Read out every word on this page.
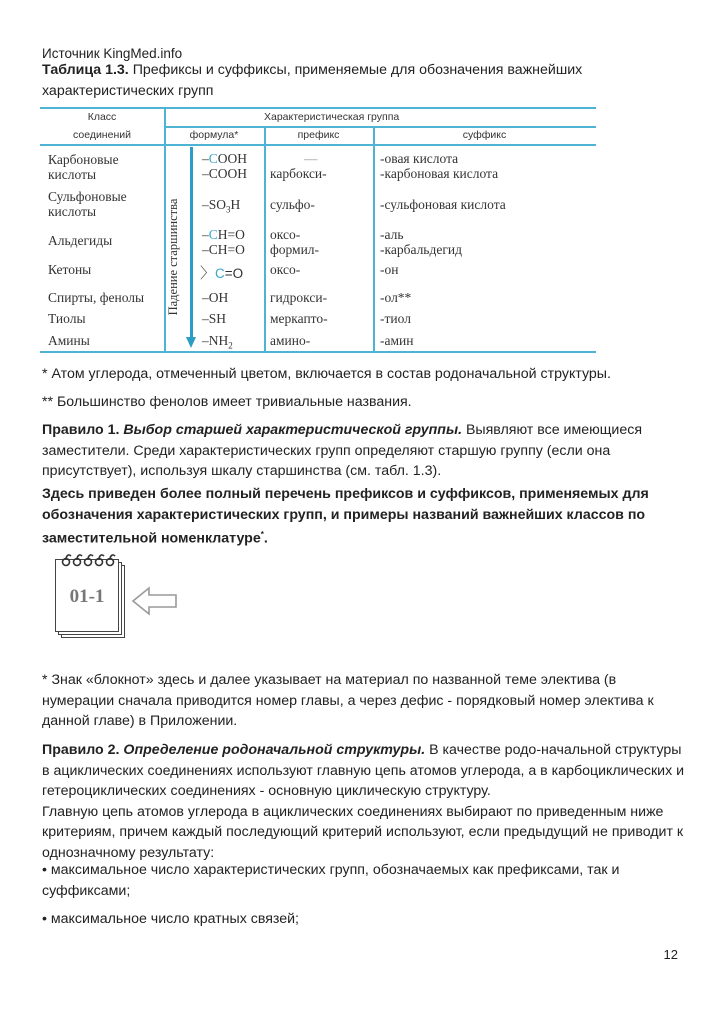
Источник KingMed.info
Таблица 1.3. Префиксы и суффиксы, применяемые для обозначения важнейших характеристических групп
Класс
соединений
Характеристическая группа
формула*	префикс	суффикс
Падение старшинства
Карбоновые
кислоты
Сульфоновые
кислоты
Альдегиды
Кетоны
Спирты, фенолы
Тиолы
Амины
–COOH
–COOH
$-SO_3H$
–CH=O
–CH=O
〉C=O
–OH
–SH
$-NH_2$
—
карбокси-
сульфо-
оксо-
формил-
оксо-
гидрокси-
меркапто-
амино-
-овая кислота
-карбоновая кислота
-сульфоновая кислота
-аль
-карбальдегид
-он
-ол**
-тиол
-амин
* Атом углерода, отмеченный цветом, включается в состав родоначальной структуры.
** Большинство фенолов имеет тривиальные названия.
Правило 1. Выбор старшей характеристической группы. Выявляют все имеющиеся заместители. Среди характеристических групп определяют старшую группу (если она присутствует), используя шкалу старшинства (см. табл. 1.3).
Здесь приведен более полный перечень префиксов и суффиксов, применяемых для обозначения характеристических групп, и примеры названий важнейших классов по заместительной номенклатуре*.
01-1
* Знак «блокнот» здесь и далее указывает на материал по названной теме электива (в нумерации сначала приводится номер главы, а через дефис - порядковый номер электива к данной главе) в Приложении.
Правило 2. Определение родоначальной структуры. В качестве родо-начальной структуры в ациклических соединениях используют главную цепь атомов углерода, а в карбоциклических и гетероциклических соединениях - основную циклическую структуру.
Главную цепь атомов углерода в ациклических соединениях выбирают по приведенным ниже критериям, причем каждый последующий критерий используют, если предыдущий не приводит к однозначному результату:
• максимальное число характеристических групп, обозначаемых как префиксами, так и суффиксами;
• максимальное число кратных связей;
12
